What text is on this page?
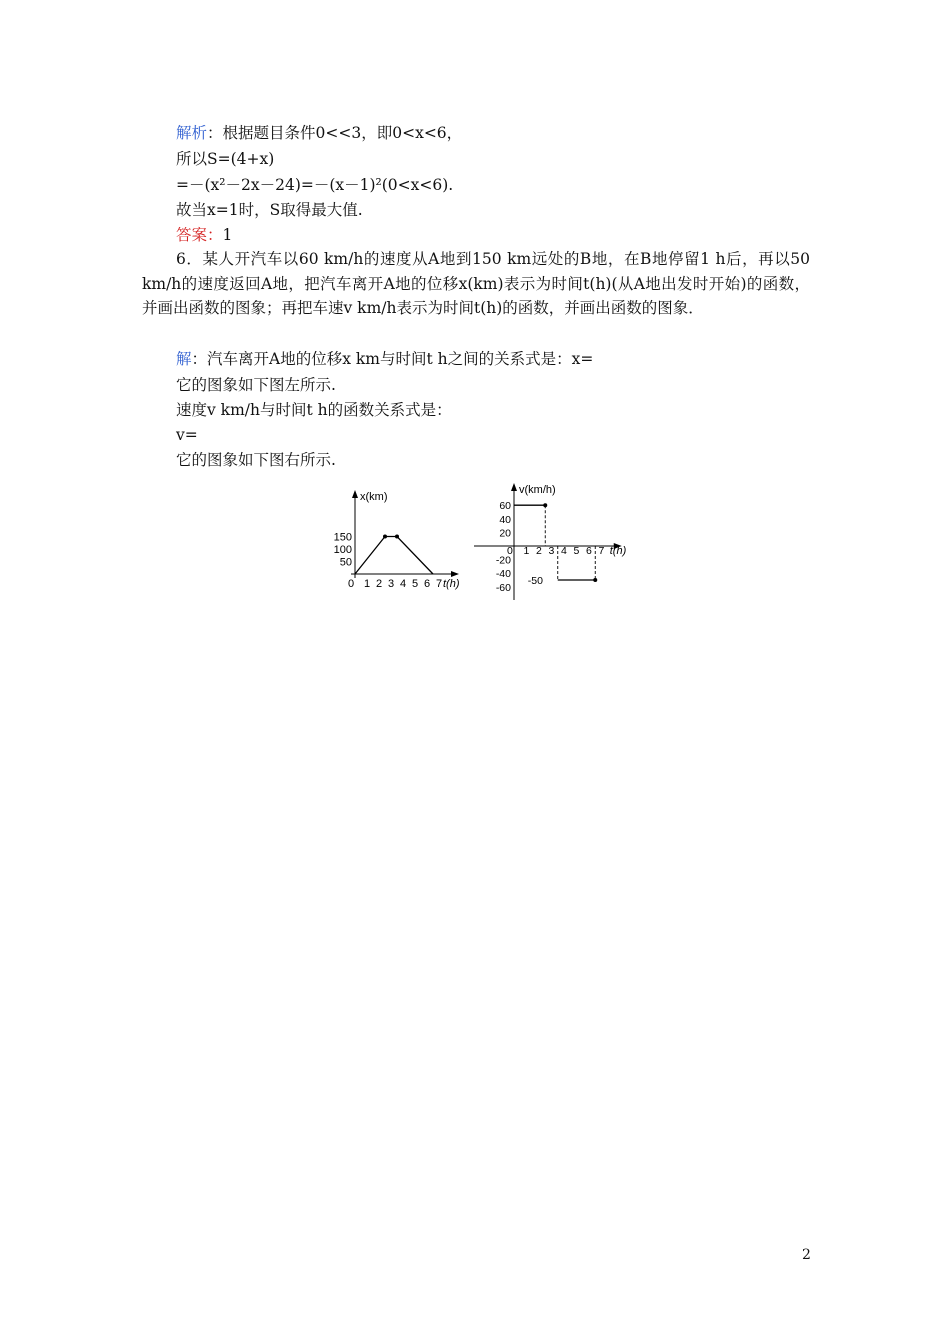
解析：根据题目条件0<<3，即0<x<6，
所以S=(4+x)
=－(x²－2x－24)=－(x－1)²(0<x<6).
故当x=1时，S取得最大值.
答案：1
6．某人开汽车以60 km/h的速度从A地到150 km远处的B地，在B地停留1 h后，再以50 km/h的速度返回A地，把汽车离开A地的位移x(km)表示为时间t(h)(从A地出发时开始)的函数，并画出函数的图象；再把车速v km/h表示为时间t(h)的函数，并画出函数的图象．
解：汽车离开A地的位移x km与时间t h之间的关系式是：x=
它的图象如下图左所示.
速度v km/h与时间t h的函数关系式是：
v=
它的图象如下图右所示.
x(km)
t(h)
0 1 2 3 4 5 6 7
50
100
150
v(km/h)
t(h)
0 1 2 3 4 5 6 7
60
40
20
-20
-40
-60
-50
2
